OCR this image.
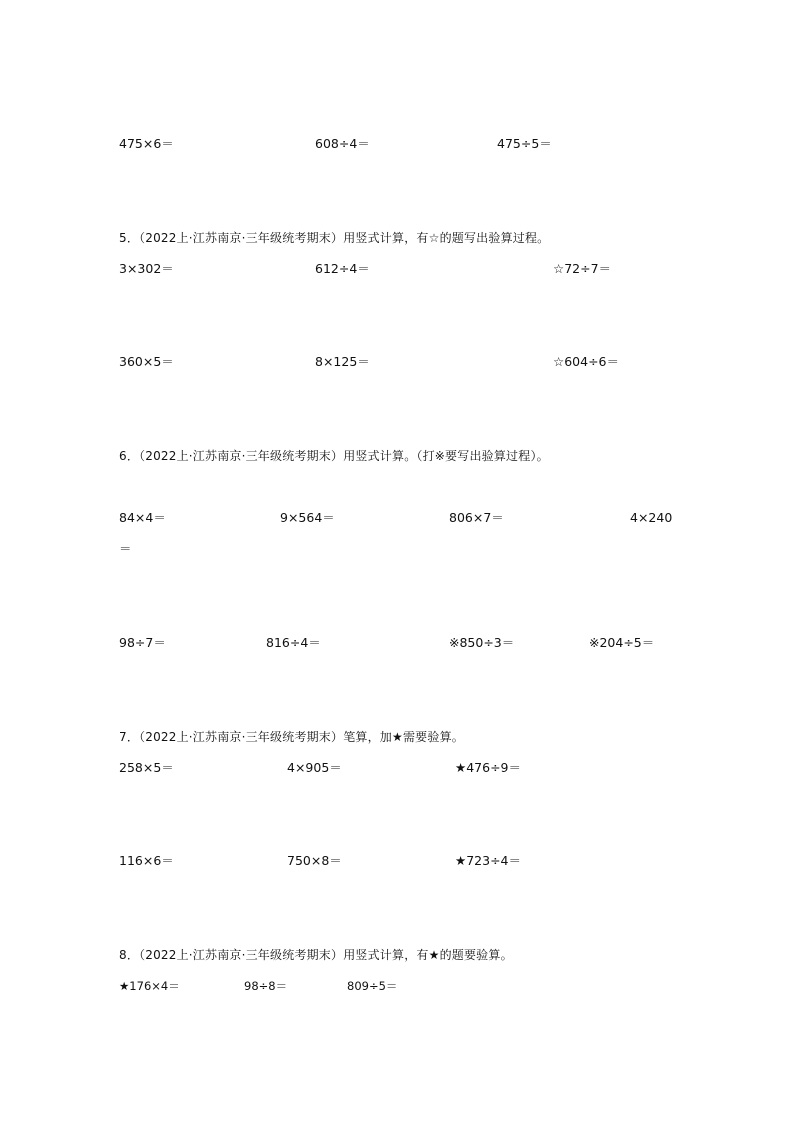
475×6＝	608÷4＝	475÷5＝
5．（2022上·江苏南京·三年级统考期末）用竖式计算，有☆的题写出验算过程。
3×302＝	612÷4＝	☆72÷7＝
360×5＝	8×125＝	☆604÷6＝
6．（2022上·江苏南京·三年级统考期末）用竖式计算。（打※要写出验算过程）。
84×4＝	9×564＝	806×7＝	4×240
＝
98÷7＝	816÷4＝	※850÷3＝	※204÷5＝
7．（2022上·江苏南京·三年级统考期末）笔算，加★需要验算。
258×5＝	4×905＝	★476÷9＝
116×6＝	750×8＝	★723÷4＝
8．（2022上·江苏南京·三年级统考期末）用竖式计算，有★的题要验算。
★176×4＝	98÷8＝	809÷5＝
